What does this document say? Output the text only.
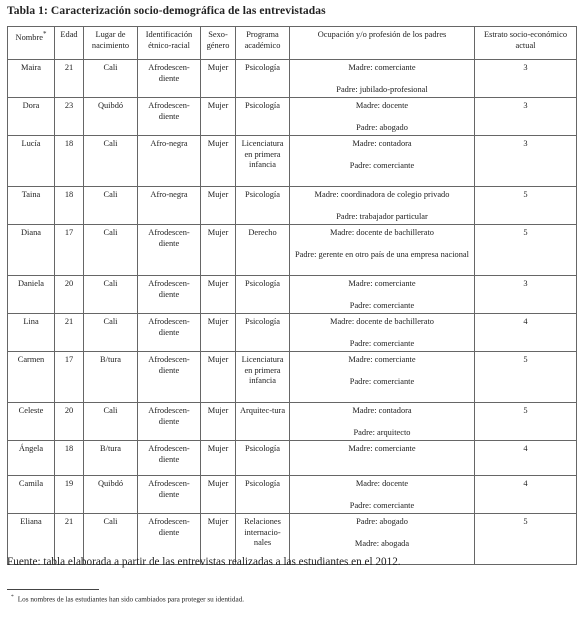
Tabla 1: Caracterización socio-demográfica de las entrevistadas
Nombre*	Edad	Lugar de nacimiento	Identificación étnico-racial	Sexo-género	Programa académico	Ocupación y/o profesión de los padres	Estrato socio-económico actual
Maira	21	Cali	Afrodescen-diente	Mujer	Psicología	Madre: comerciante
Padre: jubilado-profesional	3
Dora	23	Quibdó	Afrodescen-diente	Mujer	Psicología	Madre: docente
Padre: abogado	3
Lucía	18	Cali	Afro-negra	Mujer	Licenciatura en primera infancia	Madre: contadora
Padre: comerciante	3
Taina	18	Cali	Afro-negra	Mujer	Psicología	Madre: coordinadora de colegio privado
Padre: trabajador particular	5
Diana	17	Cali	Afrodescen-diente	Mujer	Derecho	Madre: docente de bachillerato
Padre: gerente en otro país de una empresa nacional	5
Daniela	20	Cali	Afrodescen-diente	Mujer	Psicología	Madre: comerciante
Padre: comerciante	3
Lina	21	Cali	Afrodescen-diente	Mujer	Psicología	Madre: docente de bachillerato
Padre: comerciante	4
Carmen	17	B/tura	Afrodescen-diente	Mujer	Licenciatura en primera infancia	Madre: comerciante
Padre: comerciante	5
Celeste	20	Cali	Afrodescen-diente	Mujer	Arquitec-tura	Madre: contadora
Padre: arquitecto	5
Ángela	18	B/tura	Afrodescen-diente	Mujer	Psicología	Madre: comerciante	4
Camila	19	Quibdó	Afrodescen-diente	Mujer	Psicología	Madre: docente
Padre: comerciante	4
Eliana	21	Cali	Afrodescen-diente	Mujer	Relaciones internacio-nales	Padre: abogado
Madre: abogada	5
Fuente: tabla elaborada a partir de las entrevistas realizadas a las estudiantes en el 2012.
* Los nombres de las estudiantes han sido cambiados para proteger su identidad.
